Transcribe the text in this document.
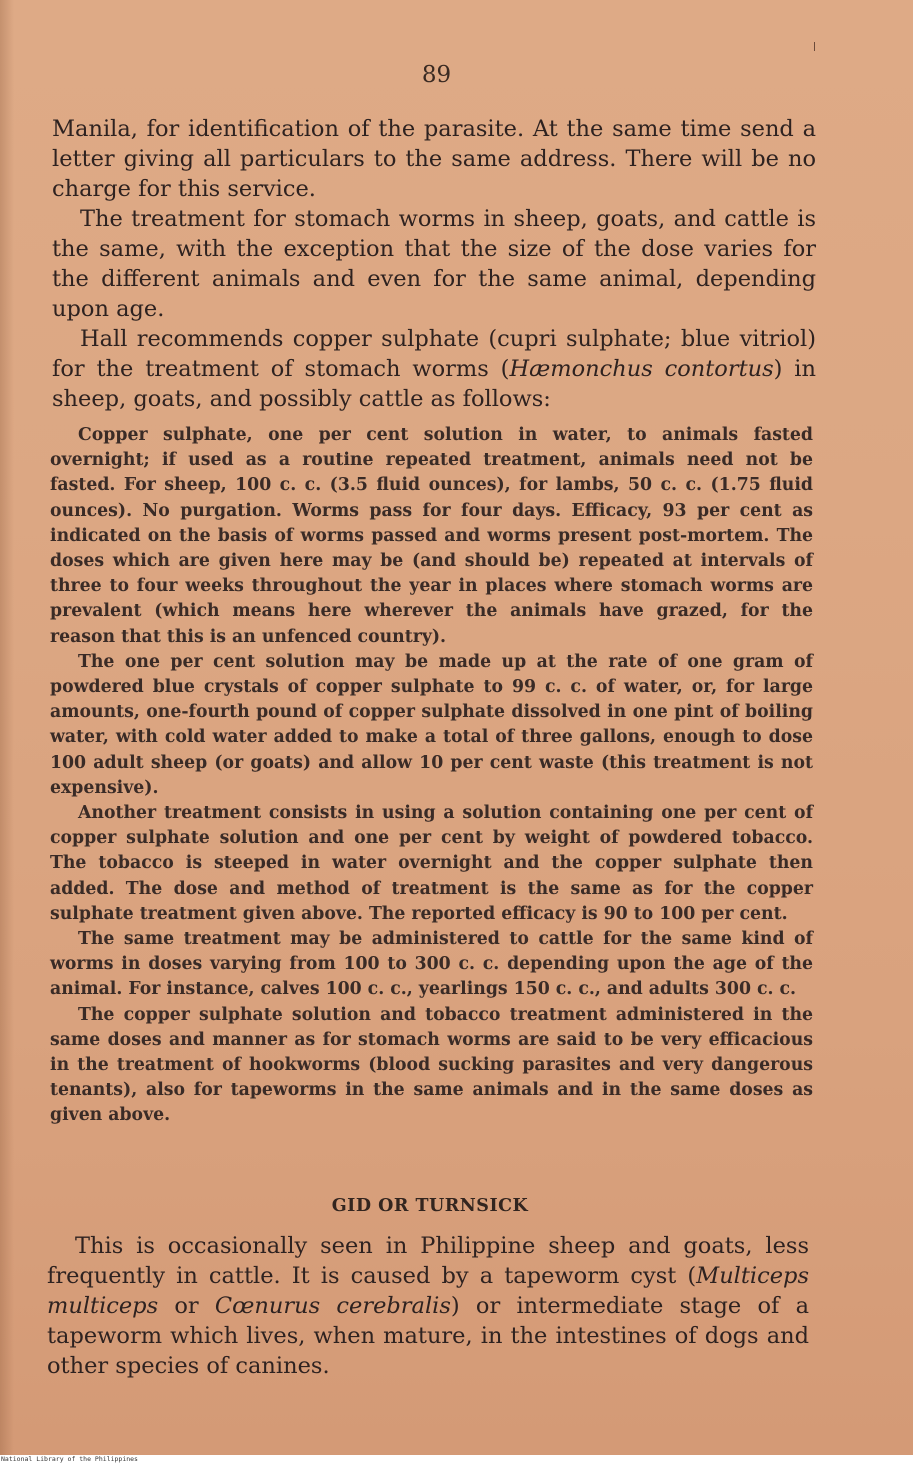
89

Manila, for identification of the parasite. At the same time send a letter giving all particulars to the same address. There will be no charge for this service.

The treatment for stomach worms in sheep, goats, and cattle is the same, with the exception that the size of the dose varies for the different animals and even for the same animal, depending upon age.

Hall recommends copper sulphate (cupri sulphate; blue vitriol) for the treatment of stomach worms (Hæmonchus contortus) in sheep, goats, and possibly cattle as follows:

Copper sulphate, one per cent solution in water, to animals fasted overnight; if used as a routine repeated treatment, animals need not be fasted. For sheep, 100 c. c. (3.5 fluid ounces), for lambs, 50 c. c. (1.75 fluid ounces). No purgation. Worms pass for four days. Efficacy, 93 per cent as indicated on the basis of worms passed and worms present post-mortem. The doses which are given here may be (and should be) repeated at intervals of three to four weeks throughout the year in places where stomach worms are prevalent (which means here wherever the animals have grazed, for the reason that this is an unfenced country).

The one per cent solution may be made up at the rate of one gram of powdered blue crystals of copper sulphate to 99 c. c. of water, or, for large amounts, one-fourth pound of copper sulphate dissolved in one pint of boiling water, with cold water added to make a total of three gallons, enough to dose 100 adult sheep (or goats) and allow 10 per cent waste (this treatment is not expensive).

Another treatment consists in using a solution containing one per cent of copper sulphate solution and one per cent by weight of powdered tobacco. The tobacco is steeped in water overnight and the copper sulphate then added. The dose and method of treatment is the same as for the copper sulphate treatment given above. The reported efficacy is 90 to 100 per cent.

The same treatment may be administered to cattle for the same kind of worms in doses varying from 100 to 300 c. c. depending upon the age of the animal. For instance, calves 100 c. c., yearlings 150 c. c., and adults 300 c. c.

The copper sulphate solution and tobacco treatment administered in the same doses and manner as for stomach worms are said to be very efficacious in the treatment of hookworms (blood sucking parasites and very dangerous tenants), also for tapeworms in the same animals and in the same doses as given above.

GID OR TURNSICK

This is occasionally seen in Philippine sheep and goats, less frequently in cattle. It is caused by a tapeworm cyst (Multiceps multiceps or Cœnurus cerebralis) or intermediate stage of a tapeworm which lives, when mature, in the intestines of dogs and other species of canines.

National Library of the Philippines
